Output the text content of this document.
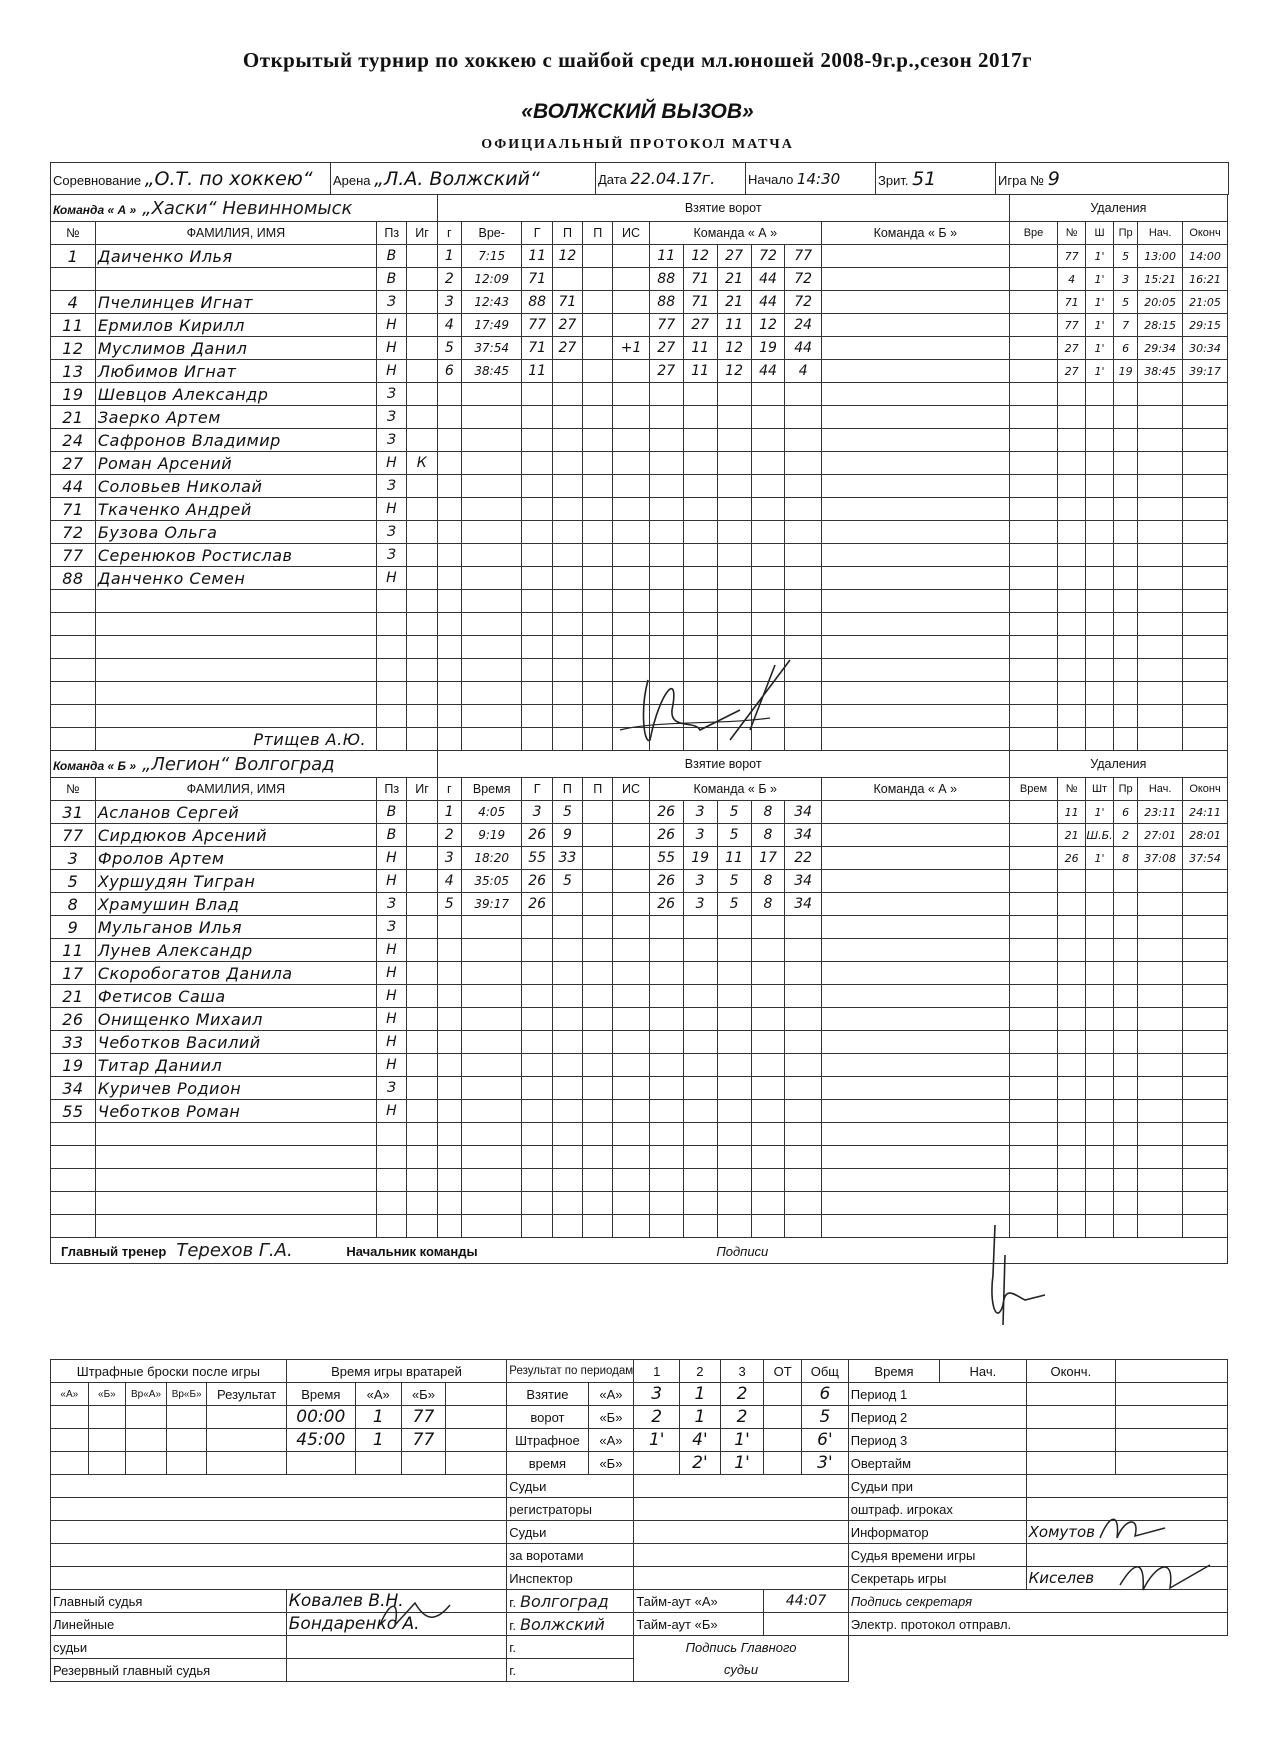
Открытый турнир по хоккею с шайбой среди мл.юношей 2008-9г.р.,сезон 2017г
«ВОЛЖСКИЙ ВЫЗОВ»
ОФИЦИАЛЬНЫЙ ПРОТОКОЛ МАТЧА
Соревнование „О.Т. по хоккею“	Арена „Л.А. Волжский“	Дата 22.04.17г.	Начало 14:30	Зрит. 51	Игра № 9
Команда « А » „Хаски“ Невинномыск				Взятие ворот												Удаления					
№	ФАМИЛИЯ, ИМЯ	Пз	Иг	г	Вре-	Г	П	П	ИС	Команда « А »					Команда « Б »	Вре	№	Ш	Пр	Нач.	Оконч
1	Даиченко Илья	В		1	7:15	11	12			11	12	27	72	77			77	1'	5	13:00	14:00
		В		2	12:09	71				88	71	21	44	72			4	1'	3	15:21	16:21
4	Пчелинцев Игнат	З		3	12:43	88	71			88	71	21	44	72			71	1'	5	20:05	21:05
11	Ермилов Кирилл	Н		4	17:49	77	27			77	27	11	12	24			77	1'	7	28:15	29:15
12	Муслимов Данил	Н		5	37:54	71	27		+1	27	11	12	19	44			27	1'	6	29:34	30:34
13	Любимов Игнат	Н		6	38:45	11				27	11	12	44	4			27	1'	19	38:45	39:17
19	Шевцов Александр	З																			
21	Заерко Артем	З																			
24	Сафронов Владимир	З																			
27	Роман Арсений	Н	К																		
44	Соловьев Николай	З																			
71	Ткаченко Андрей	Н																			
72	Бузова Ольга	З																			
77	Серенюков Ростислав	З																			
88	Данченко Семен	Н																			

	Ртищев А.Ю.																				
Команда « Б » „Легион“ Волгоград				Взятие ворот												Удаления					
№	ФАМИЛИЯ, ИМЯ	Пз	Иг	г	Время	Г	П	П	ИС	Команда « Б »					Команда « А »	Врем	№	Шт	Пр	Нач.	Оконч
31	Асланов Сергей	В		1	4:05	3	5			26	3	5	8	34			11	1'	6	23:11	24:11
77	Сирдюков Арсений	В		2	9:19	26	9			26	3	5	8	34			21	Ш.Б.	2	27:01	28:01
3	Фролов Артем	Н		3	18:20	55	33			55	19	11	17	22			26	1'	8	37:08	37:54
5	Хуршудян Тигран	Н		4	35:05	26	5			26	3	5	8	34							
8	Храмушин Влад	З		5	39:17	26				26	3	5	8	34							
9	Мульганов Илья	З																			
11	Лунев Александр	Н																			
17	Скоробогатов Данила	Н																			
21	Фетисов Саша	Н																			
26	Онищенко Михаил	Н																			
33	Чеботков Василий	Н																			
19	Титар Даниил	Н																			
34	Куричев Родион	З																			
55	Чеботков Роман	Н																			

Главный тренер Терехов Г.А. Начальник команды Подписи																					
Штрафные броски после игры					Время игры вратарей				Результат по периодам		1	2	3	ОТ	Общ	Время	Нач.	Оконч.	
«А»	«Б»	Вр«А»	Вр«Б»	Результат	Время	«А»	«Б»		Взятие	«А»	3	1	2		6	Период 1			
					00:00	1	77		ворот	«Б»	2	1	2		5	Период 2			
					45:00	1	77		Штрафное	«А»	1'	4'	1'		6'	Период 3			
									время	«Б»		2'	1'		3'	Овертайм			
									Судьи							Судьи при			
									регистраторы							оштраф. игроках			
									Судьи							Информатор		Хомутов	
									за воротами							Судья времени игры			
									Инспектор							Секретарь игры		Киселев	
Главный судья					Ковалев В.Н.				г. Волгоград		Тайм-аут «А»			44:07		Подпись секретаря			
Линейные					Бондаренко А.				г. Волжский		Тайм-аут «Б»					Электр. протокол отправл.			
судьи									г.		Подпись Главного								
Резервный главный судья									г.		судьи								
